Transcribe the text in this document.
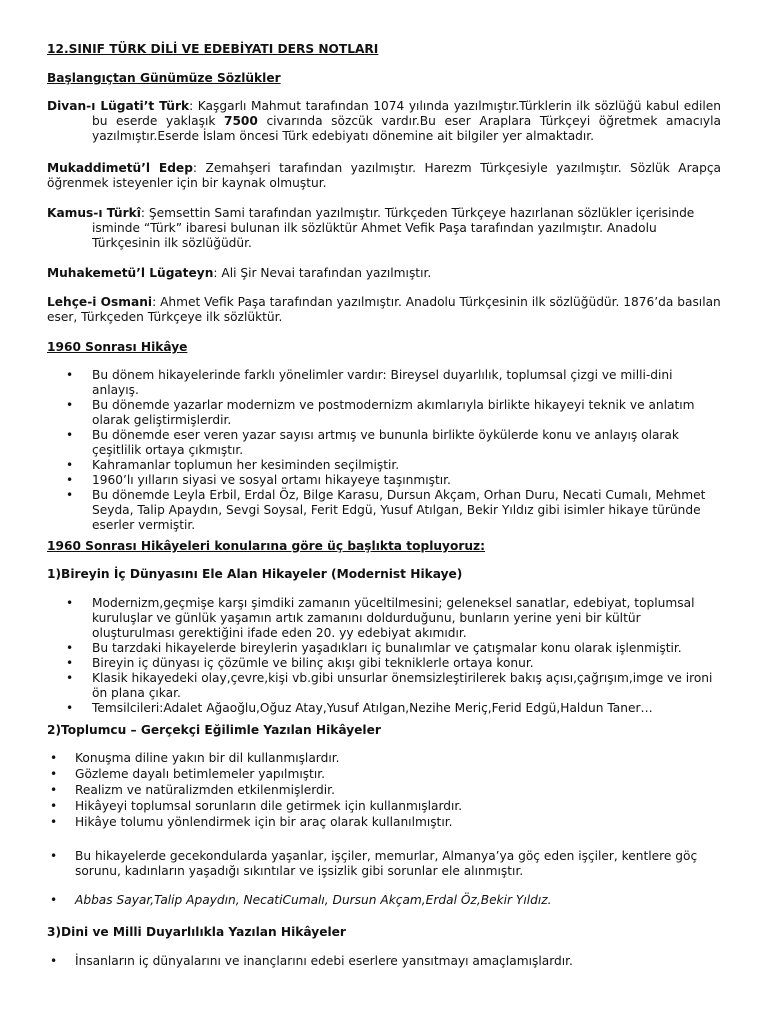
12.SINIF TÜRK DİLİ VE EDEBİYATI DERS NOTLARI
Başlangıçtan Günümüze Sözlükler
Divan-ı Lügati’t Türk: Kaşgarlı Mahmut tarafından 1074 yılında yazılmıştır.Türklerin ilk sözlüğü kabul edilen bu eserde yaklaşık 7500 civarında sözcük vardır.Bu eser Araplara Türkçeyi öğretmek amacıyla yazılmıştır.Eserde İslam öncesi Türk edebiyatı dönemine ait bilgiler yer almaktadır.
Mukaddimetü’l Edep: Zemahşeri tarafından yazılmıştır. Harezm Türkçesiyle yazılmıştır. Sözlük Arapça öğrenmek isteyenler için bir kaynak olmuştur.
Kamus-ı Türkî: Şemsettin Sami tarafından yazılmıştır. Türkçeden Türkçeye hazırlanan sözlükler içerisinde isminde “Türk” ibaresi bulunan ilk sözlüktür Ahmet Vefik Paşa tarafından yazılmıştır. Anadolu Türkçesinin ilk sözlüğüdür.
Muhakemetü’l Lügateyn: Ali Şir Nevai tarafından yazılmıştır.
Lehçe-i Osmani: Ahmet Vefik Paşa tarafından yazılmıştır. Anadolu Türkçesinin ilk sözlüğüdür. 1876’da basılan eser, Türkçeden Türkçeye ilk sözlüktür.
1960 Sonrası Hikâye
• Bu dönem hikayelerinde farklı yönelimler vardır: Bireysel duyarlılık, toplumsal çizgi ve milli-dini anlayış.
• Bu dönemde yazarlar modernizm ve postmodernizm akımlarıyla birlikte hikayeyi teknik ve anlatım olarak geliştirmişlerdir.
• Bu dönemde eser veren yazar sayısı artmış ve bununla birlikte öykülerde konu ve anlayış olarak çeşitlilik ortaya çıkmıştır.
• Kahramanlar toplumun her kesiminden seçilmiştir.
• 1960’lı yılların siyasi ve sosyal ortamı hikayeye taşınmıştır.
• Bu dönemde Leyla Erbil, Erdal Öz, Bilge Karasu, Dursun Akçam, Orhan Duru, Necati Cumalı, Mehmet Seyda, Talip Apaydın, Sevgi Soysal, Ferit Edgü, Yusuf Atılgan, Bekir Yıldız gibi isimler hikaye türünde eserler vermiştir.
1960 Sonrası Hikâyeleri konularına göre üç başlıkta topluyoruz:
1)Bireyin İç Dünyasını Ele Alan Hikayeler (Modernist Hikaye)
• Modernizm,geçmişe karşı şimdiki zamanın yüceltilmesini; geleneksel sanatlar, edebiyat, toplumsal kuruluşlar ve günlük yaşamın artık zamanını doldurduğunu, bunların yerine yeni bir kültür oluşturulması gerektiğini ifade eden 20. yy edebiyat akımıdır.
• Bu tarzdaki hikayelerde bireylerin yaşadıkları iç bunalımlar ve çatışmalar konu olarak işlenmiştir.
• Bireyin iç dünyası iç çözümle ve bilinç akışı gibi tekniklerle ortaya konur.
• Klasik hikayedeki olay,çevre,kişi vb.gibi unsurlar önemsizleştirilerek bakış açısı,çağrışım,imge ve ironi ön plana çıkar.
• Temsilcileri:Adalet Ağaoğlu,Oğuz Atay,Yusuf Atılgan,Nezihe Meriç,Ferid Edgü,Haldun Taner…
2)Toplumcu – Gerçekçi Eğilimle Yazılan Hikâyeler
• Konuşma diline yakın bir dil kullanmışlardır.
• Gözleme dayalı betimlemeler yapılmıştır.
• Realizm ve natüralizmden etkilenmişlerdir.
• Hikâyeyi toplumsal sorunların dile getirmek için kullanmışlardır.
• Hikâye tolumu yönlendirmek için bir araç olarak kullanılmıştır.
• Bu hikayelerde gecekondularda yaşanlar, işçiler, memurlar, Almanya’ya göç eden işçiler, kentlere göç sorunu, kadınların yaşadığı sıkıntılar ve işsizlik gibi sorunlar ele alınmıştır.
• Abbas Sayar,Talip Apaydın, NecatiCumalı, Dursun Akçam,Erdal Öz,Bekir Yıldız.
3)Dini ve Milli Duyarlılıkla Yazılan Hikâyeler
• İnsanların iç dünyalarını ve inançlarını edebi eserlere yansıtmayı amaçlamışlardır.
